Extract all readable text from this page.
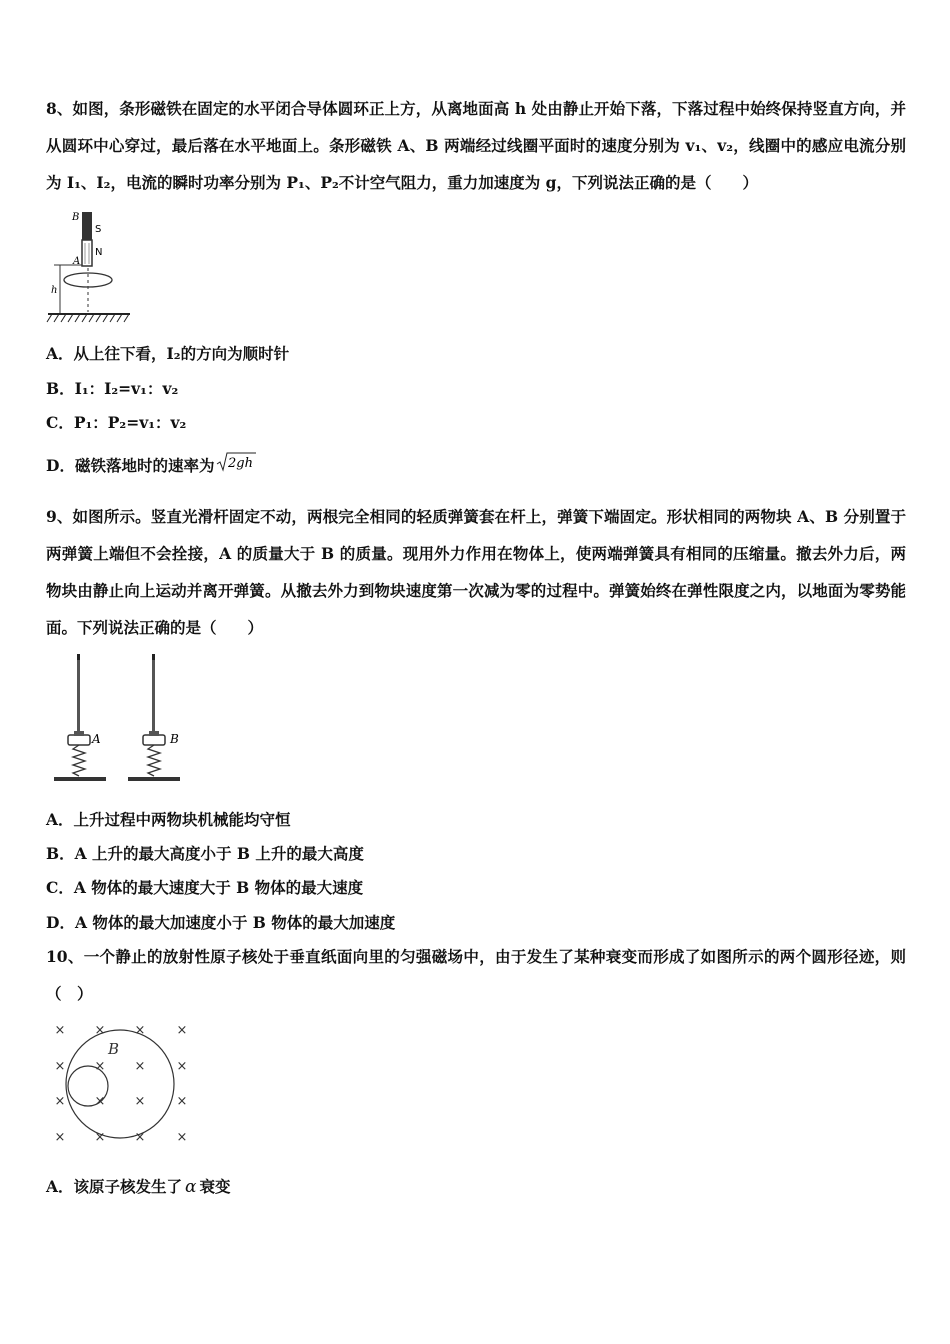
8、如图，条形磁铁在固定的水平闭合导体圆环正上方，从离地面高 h 处由静止开始下落，下落过程中始终保持竖直方向，并从圆环中心穿过，最后落在水平地面上。条形磁铁 A、B 两端经过线圈平面时的速度分别为 v₁、v₂，线圈中的感应电流分别为 I₁、I₂，电流的瞬时功率分别为 P₁、P₂不计空气阻力，重力加速度为 g，下列说法正确的是（　　）
B
S
N
A
h
A．从上往下看，I₂的方向为顺时针
B．I₁：I₂=v₁：v₂
C．P₁：P₂=v₁：v₂
D．磁铁落地时的速率为 2gh
9、如图所示。竖直光滑杆固定不动，两根完全相同的轻质弹簧套在杆上，弹簧下端固定。形状相同的两物块 A、B 分别置于两弹簧上端但不会拴接，A 的质量大于 B 的质量。现用外力作用在物体上，使两端弹簧具有相同的压缩量。撤去外力后，两物块由静止向上运动并离开弹簧。从撤去外力到物块速度第一次减为零的过程中。弹簧始终在弹性限度之内，以地面为零势能面。下列说法正确的是（　　）
A	B
A．上升过程中两物块机械能均守恒
B．A 上升的最大高度小于 B 上升的最大高度
C．A 物体的最大速度大于 B 物体的最大速度
D．A 物体的最大加速度小于 B 物体的最大加速度
10、一个静止的放射性原子核处于垂直纸面向里的匀强磁场中，由于发生了某种衰变而形成了如图所示的两个圆形径迹，则（　）
× × × ×
× × × ×
× × × ×
× × × ×
B
A．该原子核发生了 α 衰变
